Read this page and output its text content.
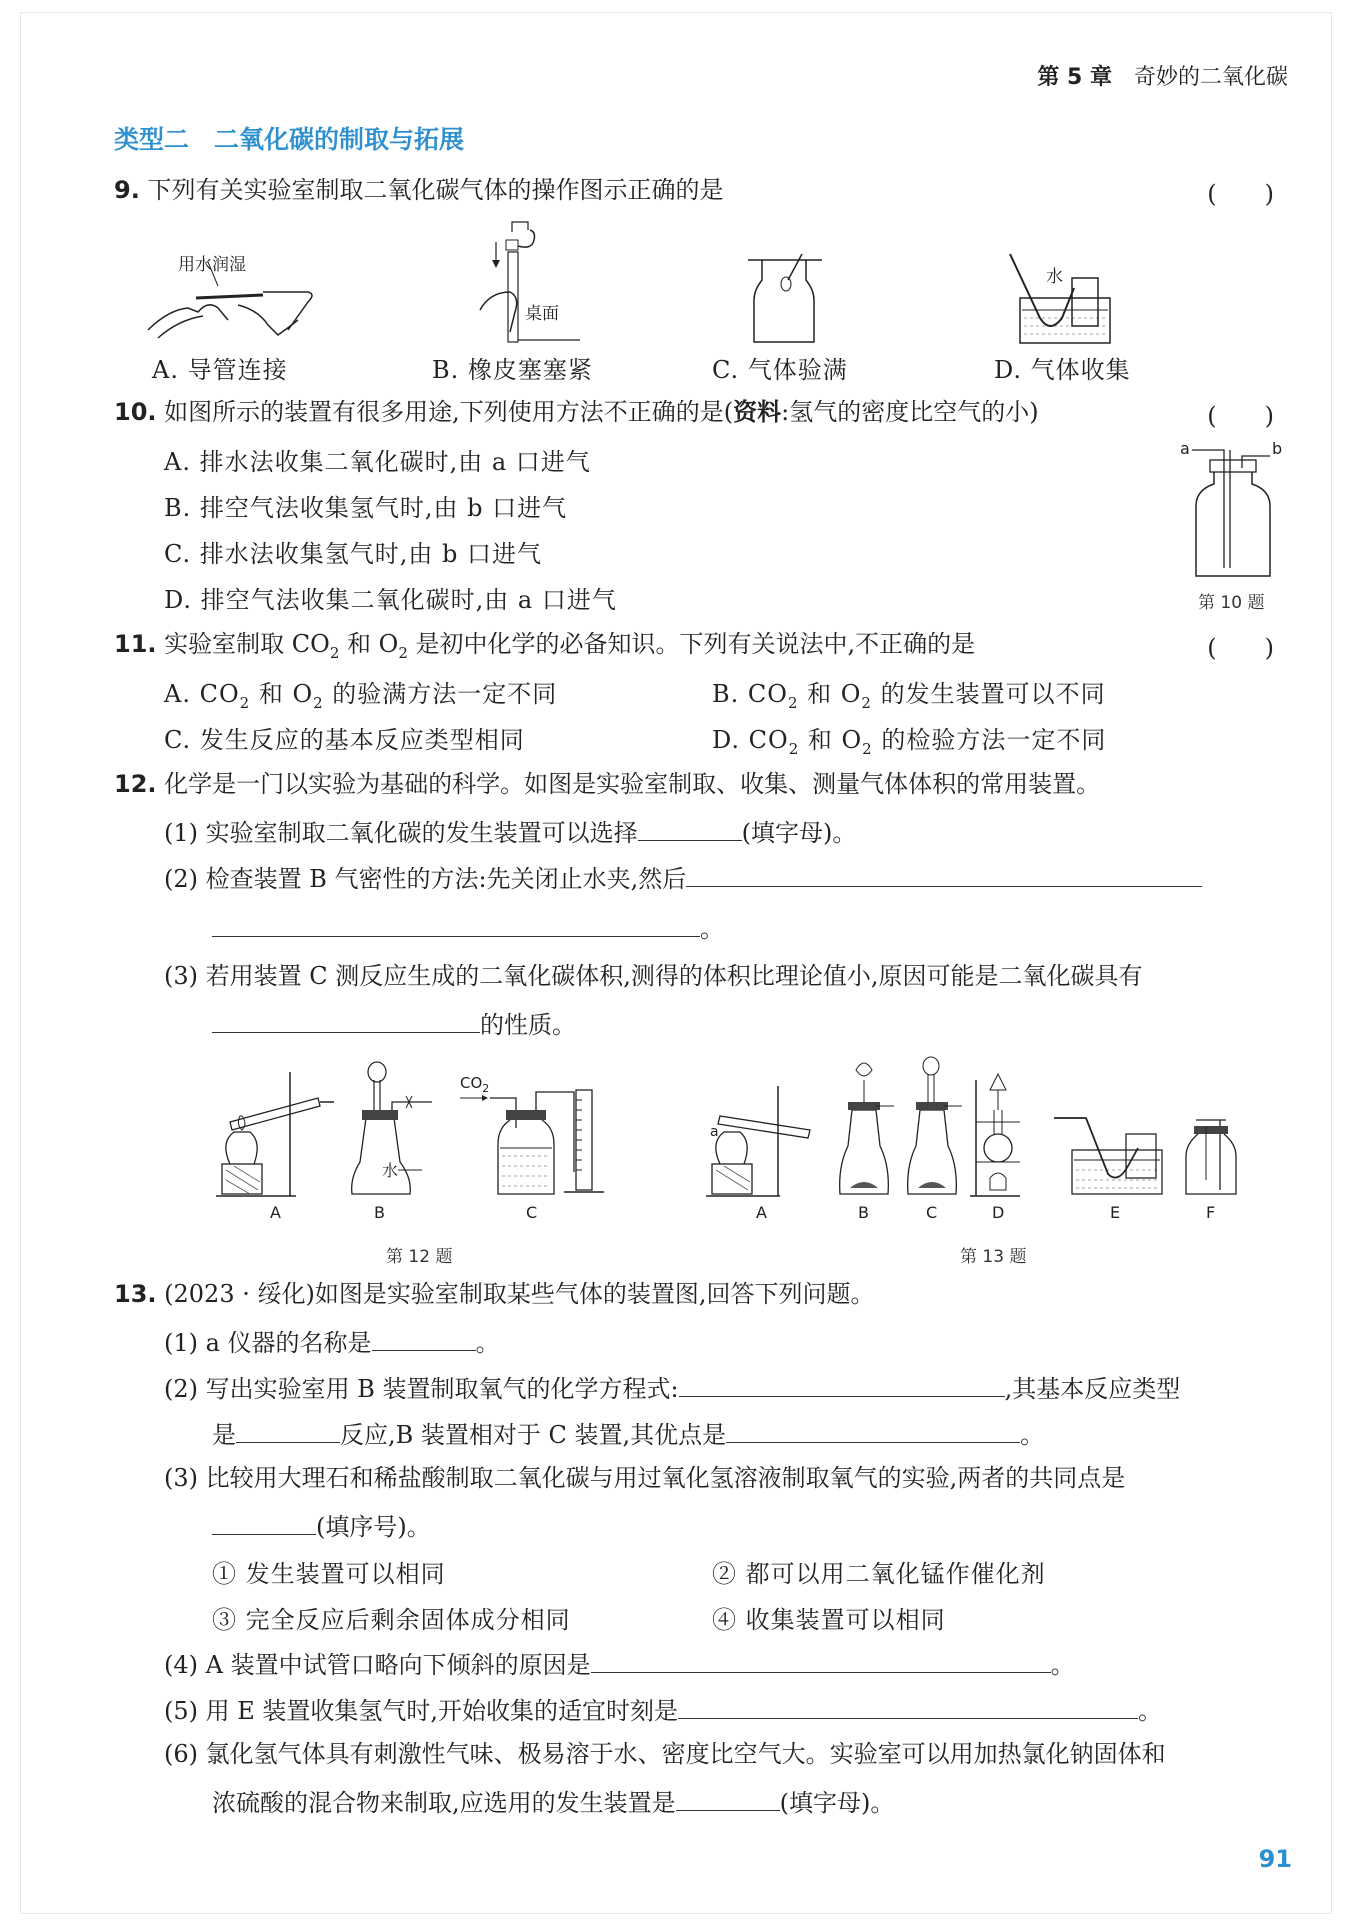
第 5 章 奇妙的二氧化碳
类型二　二氧化碳的制取与拓展
9. 下列有关实验室制取二氧化碳气体的操作图示正确的是	(　　)
用水润湿
桌面
水
A. 导管连接	B. 橡皮塞塞紧	C. 气体验满	D. 气体收集
10. 如图所示的装置有很多用途,下列使用方法不正确的是(资料:氢气的密度比空气的小)	(　　)
A. 排水法收集二氧化碳时,由 a 口进气
B. 排空气法收集氢气时,由 b 口进气
C. 排水法收集氢气时,由 b 口进气
D. 排空气法收集二氧化碳时,由 a 口进气
a	b
第 10 题
11. 实验室制取 $CO_2$ 和 $O_2$ 是初中化学的必备知识。下列有关说法中,不正确的是	(　　)
A. $CO_2$ 和 $O_2$ 的验满方法一定不同	B. $CO_2$ 和 $O_2$ 的发生装置可以不同
C. 发生反应的基本反应类型相同	D. $CO_2$ 和 $O_2$ 的检验方法一定不同
12. 化学是一门以实验为基础的科学。如图是实验室制取、收集、测量气体体积的常用装置。
(1) 实验室制取二氧化碳的发生装置可以选择	(填字母)。
(2) 检查装置 B 气密性的方法:先关闭止水夹,然后
。
(3) 若用装置 C 测反应生成的二氧化碳体积,测得的体积比理论值小,原因可能是二氧化碳具有
的性质。
A	B
$CO_2$
水
C
第 12 题
a
A	B	C	D	E	F
第 13 题
13. (2023 · 绥化)如图是实验室制取某些气体的装置图,回答下列问题。
(1) a 仪器的名称是	。
(2) 写出实验室用 B 装置制取氧气的化学方程式:	,其基本反应类型
是	反应,B 装置相对于 C 装置,其优点是	。
(3) 比较用大理石和稀盐酸制取二氧化碳与用过氧化氢溶液制取氧气的实验,两者的共同点是
(填序号)。
① 发生装置可以相同	② 都可以用二氧化锰作催化剂
③ 完全反应后剩余固体成分相同	④ 收集装置可以相同
(4) A 装置中试管口略向下倾斜的原因是	。
(5) 用 E 装置收集氢气时,开始收集的适宜时刻是	。
(6) 氯化氢气体具有刺激性气味、极易溶于水、密度比空气大。实验室可以用加热氯化钠固体和
浓硫酸的混合物来制取,应选用的发生装置是	(填字母)。
91
